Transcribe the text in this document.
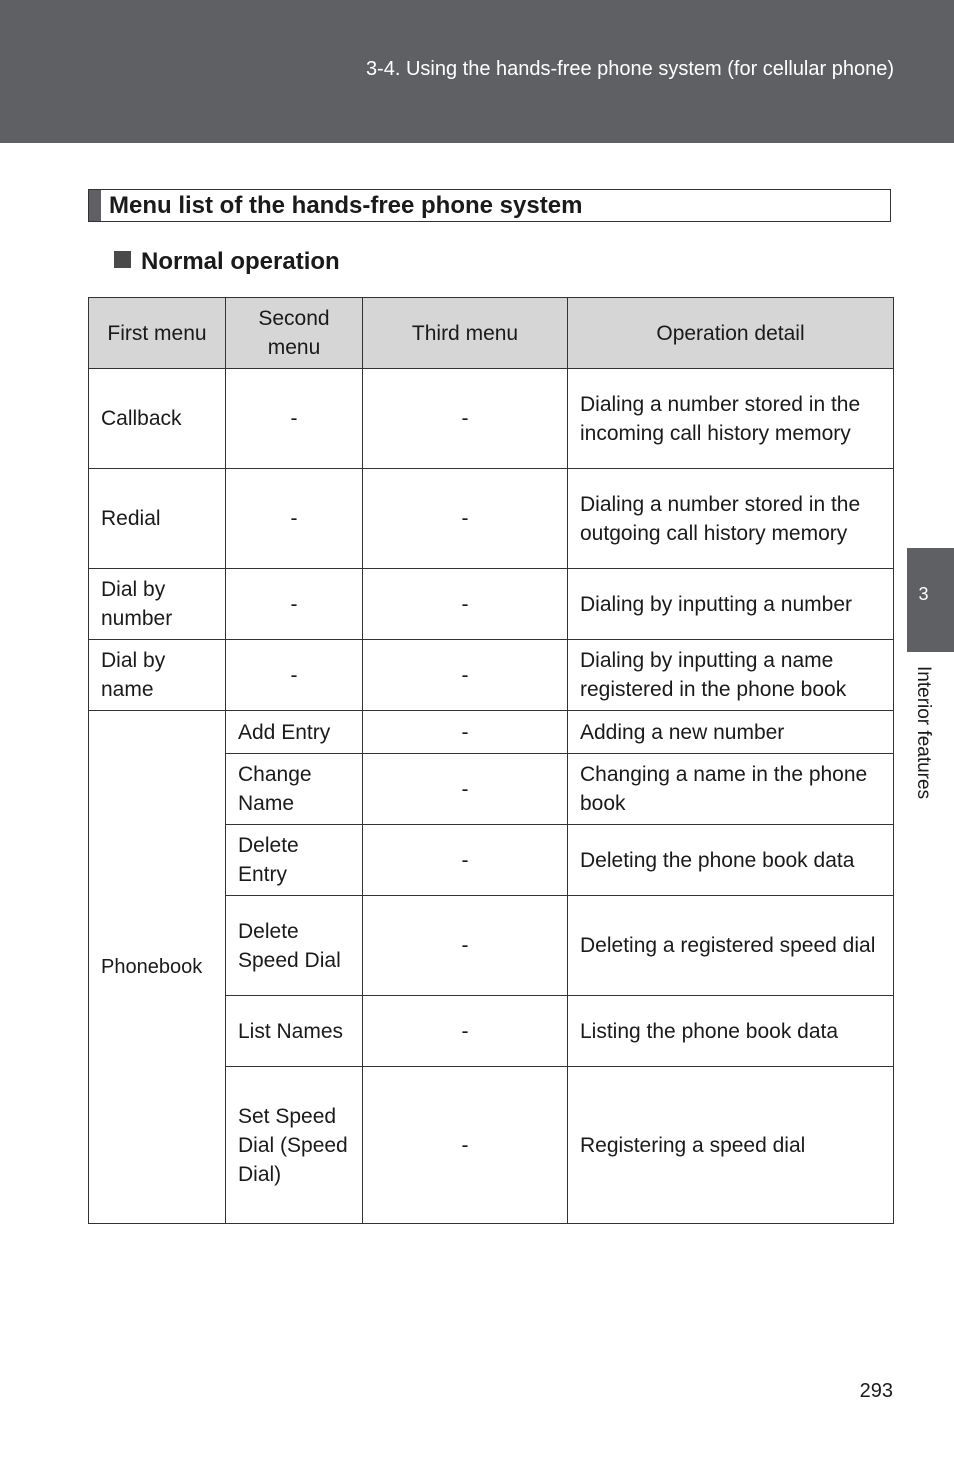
3-4. Using the hands-free phone system (for cellular phone)
3
Interior features
Menu list of the hands-free phone system
Normal operation
First menu	Second menu	Third menu	Operation detail
Callback	-	-	Dialing a number stored in the incoming call history memory
Redial	-	-	Dialing a number stored in the outgoing call history memory
Dial by number	-	-	Dialing by inputting a number
Dial by name	-	-	Dialing by inputting a name registered in the phone book
Phonebook	Add Entry	-	Adding a new number
	Change Name	-	Changing a name in the phone book
	Delete Entry	-	Deleting the phone book data
	Delete Speed Dial	-	Deleting a registered speed dial
	List Names	-	Listing the phone book data
	Set Speed Dial (Speed Dial)	-	Registering a speed dial
293
